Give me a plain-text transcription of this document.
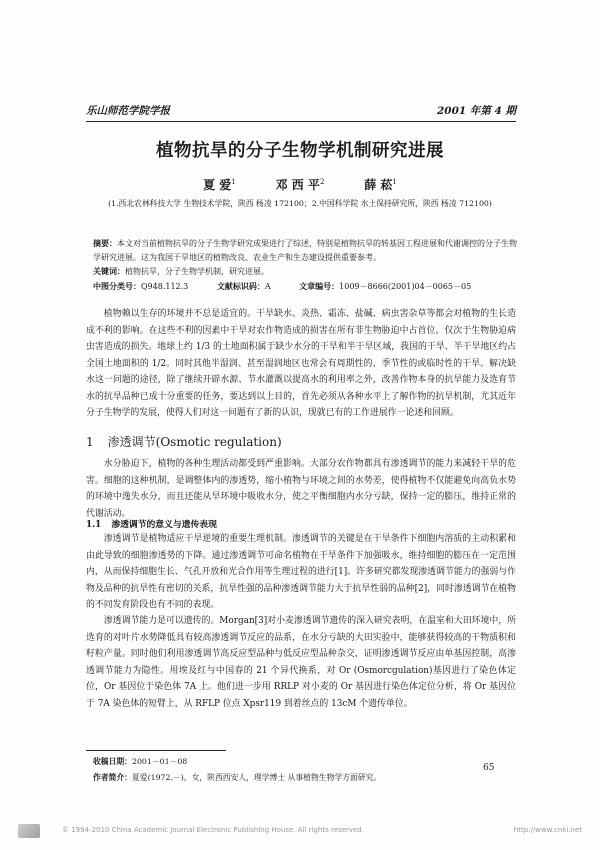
乐山师范学院学报	2001 年第 4 期
植物抗旱的分子生物学机制研究进展
夏 爱$^1$	邓 西 平$^2$	薛 菘$^1$
(1.西北农林科技大学 生物技术学院，陕西 杨凌 172100；2.中国科学院 水土保持研究所，陕西 杨凌 712100)
摘要：本文对当前植物抗旱的分子生物学研究成果进行了综述，特别是植物抗旱的转基因工程进展和代谢调控的分子生物学研究进展。这为我国干旱地区的植物改良、农业生产和生态建设提供重要参考。
关键词：植物抗旱，分子生物学机制，研究进展。
中图分类号：Q948.112.3	文献标识码：A	文章编号：1009－8666(2001)04－0065－05

植物赖以生存的环境并不总是适宜的。干旱缺水、炎热、霜冻、盐碱、病虫害杂草等都会对植物的生长造成不利的影响。在这些不利的因素中干旱对农作物造成的损害在所有非生物胁迫中占首位，仅次于生物胁迫病虫害造成的损失。地球上约 1/3 的土地面积属于缺少水分的干旱和半干旱区域，我国的干旱、半干旱地区约占全国土地面积的 1/2。同时其他半湿润、甚至湿润地区也常会有周期性的、季节性的或临时性的干旱。解决缺水这一问题的途径，除了继续开辟水源、节水灌溉以提高水的利用率之外，改善作物本身的抗旱能力及选育节水的抗旱品种已成十分重要的任务，要达到以上目的，首先必须从各种水平上了解作物的抗旱机制，尤其近年分子生物学的发展，使得人们对这一问题有了新的认识，现就已有的工作进展作一论述和回顾。

1 渗透调节(Osmotic regulation)

水分胁迫下，植物的各种生理活动都受到严重影响。大部分农作物都具有渗透调节的能力来减轻干旱的危害。细胞的这种机制，是调整体内的渗透势，缩小植物与环境之间的水势差，使得植物不仅能避免向高负水势的环境中逸失水分，而且还能从旱环境中吸收水分，使之平衡细胞内水分亏缺，保持一定的膨压，维持正常的代谢活动。

1.1 渗透调节的意义与遗传表现

渗透调节是植物适应干旱逆境的重要生理机制。渗透调节的关键是在干旱条件下细胞内溶质的主动积累和由此导致的细胞渗透势的下降。通过渗透调节可命名植物在干旱条件下加强吸水，维持细胞的膨压在一定范围内，从而保持细胞生长、气孔开放和光合作用等生理过程的进行[1]。许多研究都发现渗透调节能力的强弱与作物及品种的抗旱性有密切的关系，抗旱性强的品种渗透调节能力大于抗旱性弱的品种[2]，同时渗透调节在植物的不同发育阶段也有不同的表现。

渗透调节能力是可以遗传的。Morgan[3]对小麦渗透调节遗传的深入研究表明，在温室和大田环境中，所选育的对叶片水势降低具有较高渗透调节反应的品系，在水分亏缺的大田实验中，能够获得较高的干物质积和籽粒产量。同时他们利用渗透调节高反应型品种与低反应型品种杂交，证明渗透调节反应由单基因控制，高渗透调节能力为隐性。用埃及红与中国春的 21 个异代换系，对 Or (Osmorcgulation)基因进行了染色体定位，Or 基因位于染色体 7A 上。他们进一步用 RRLP 对小麦的 Or 基因进行染色体定位分析，将 Or 基因位于 7A 染色体的短臂上，从 RFLP 位点 Xpsr119 到着丝点的 13cM 个遗传单位。

收稿日期：2001－01－08
作者简介：夏爱(1972.－)，女，陕西西安人，理学博士 从事植物生物学方面研究。
65
© 1994-2010 China Academic Journal Electronic Publishing House. All rights reserved.	http://www.cnki.net
